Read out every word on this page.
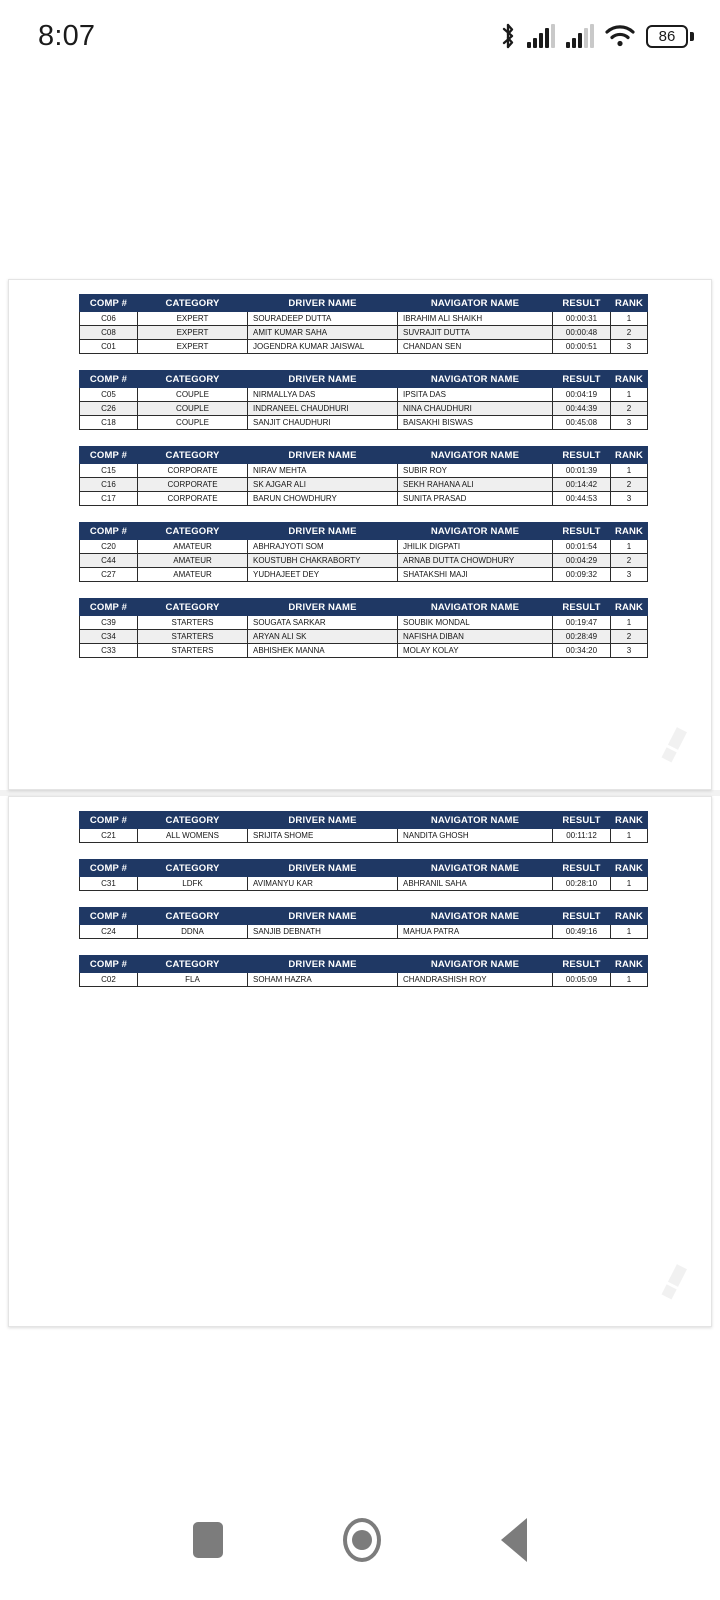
8:07	86
COMP #	CATEGORY	DRIVER NAME	NAVIGATOR NAME	RESULT	RANK
C06	EXPERT	SOURADEEP DUTTA	IBRAHIM ALI SHAIKH	00:00:31	1
C08	EXPERT	AMIT KUMAR SAHA	SUVRAJIT DUTTA	00:00:48	2
C01	EXPERT	JOGENDRA KUMAR JAISWAL	CHANDAN SEN	00:00:51	3
COMP #	CATEGORY	DRIVER NAME	NAVIGATOR NAME	RESULT	RANK
C05	COUPLE	NIRMALLYA DAS	IPSITA DAS	00:04:19	1
C26	COUPLE	INDRANEEL CHAUDHURI	NINA CHAUDHURI	00:44:39	2
C18	COUPLE	SANJIT CHAUDHURI	BAISAKHI BISWAS	00:45:08	3
COMP #	CATEGORY	DRIVER NAME	NAVIGATOR NAME	RESULT	RANK
C15	CORPORATE	NIRAV MEHTA	SUBIR ROY	00:01:39	1
C16	CORPORATE	SK AJGAR ALI	SEKH RAHANA ALI	00:14:42	2
C17	CORPORATE	BARUN CHOWDHURY	SUNITA PRASAD	00:44:53	3
COMP #	CATEGORY	DRIVER NAME	NAVIGATOR NAME	RESULT	RANK
C20	AMATEUR	ABHRAJYOTI SOM	JHILIK DIGPATI	00:01:54	1
C44	AMATEUR	KOUSTUBH CHAKRABORTY	ARNAB DUTTA CHOWDHURY	00:04:29	2
C27	AMATEUR	YUDHAJEET DEY	SHATAKSHI MAJI	00:09:32	3
COMP #	CATEGORY	DRIVER NAME	NAVIGATOR NAME	RESULT	RANK
C39	STARTERS	SOUGATA SARKAR	SOUBIK MONDAL	00:19:47	1
C34	STARTERS	ARYAN ALI SK	NAFISHA DIBAN	00:28:49	2
C33	STARTERS	ABHISHEK MANNA	MOLAY KOLAY	00:34:20	3
COMP #	CATEGORY	DRIVER NAME	NAVIGATOR NAME	RESULT	RANK
C21	ALL WOMENS	SRIJITA SHOME	NANDITA GHOSH	00:11:12	1
COMP #	CATEGORY	DRIVER NAME	NAVIGATOR NAME	RESULT	RANK
C31	LDFK	AVIMANYU KAR	ABHRANIL SAHA	00:28:10	1
COMP #	CATEGORY	DRIVER NAME	NAVIGATOR NAME	RESULT	RANK
C24	DDNA	SANJIB DEBNATH	MAHUA PATRA	00:49:16	1
COMP #	CATEGORY	DRIVER NAME	NAVIGATOR NAME	RESULT	RANK
C02	FLA	SOHAM HAZRA	CHANDRASHISH ROY	00:05:09	1
